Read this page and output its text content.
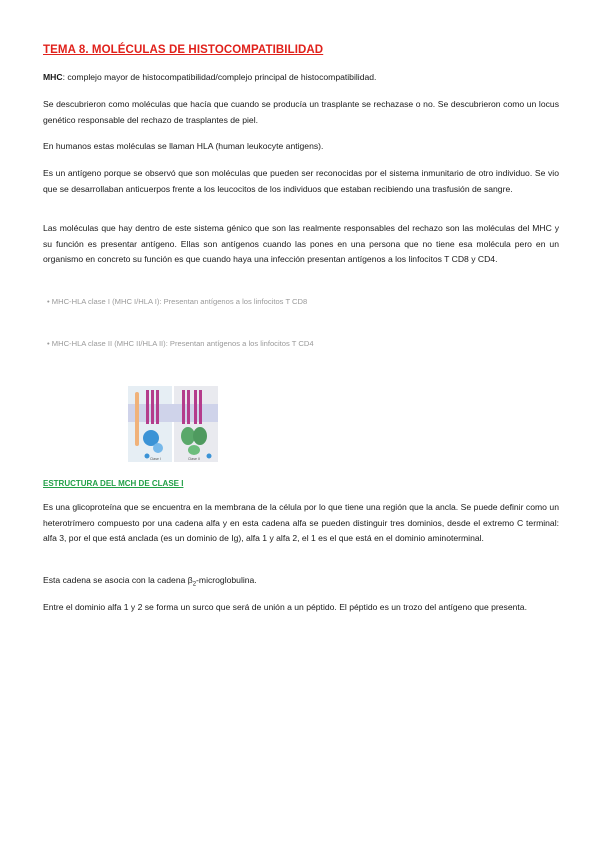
TEMA 8. MOLÉCULAS DE HISTOCOMPATIBILIDAD

MHC: complejo mayor de histocompatibilidad/complejo principal de histocompatibilidad.

Se descubrieron como moléculas que hacía que cuando se producía un trasplante se rechazase o no. Se descubrieron como un locus genético responsable del rechazo de trasplantes de piel.

En humanos estas moléculas se llaman HLA (human leukocyte antigens).

Es un antígeno porque se observó que son moléculas que pueden ser reconocidas por el sistema inmunitario de otro individuo. Se vio que se desarrollaban anticuerpos frente a los leucocitos de los individuos que estaban recibiendo una trasfusión de sangre.

Las moléculas que hay dentro de este sistema génico que son las realmente responsables del rechazo son las moléculas del MHC y su función es presentar antígeno. Ellas son antígenos cuando las pones en una persona que no tiene esa molécula pero en un organismo en concreto su función es que cuando haya una infección presentan antígenos a los linfocitos T CD8 y CD4.

• MHC-HLA clase I (MHC I/HLA I): Presentan antígenos a los linfocitos T CD8
• MHC-HLA clase II (MHC II/HLA II): Presentan antígenos a los linfocitos T CD4
Clase I	Clase II
ESTRUCTURA DEL MCH DE CLASE I

Es una glicoproteína que se encuentra en la membrana de la célula por lo que tiene una región que la ancla. Se puede definir como un heterotrímero compuesto por una cadena alfa y en esta cadena alfa se pueden distinguir tres dominios, desde el extremo C terminal: alfa 3, por el que está anclada (es un dominio de Ig), alfa 1 y alfa 2, el 1 es el que está en el dominio aminoterminal.

Esta cadena se asocia con la cadena $\beta_2$-microglobulina.

Entre el dominio alfa 1 y 2 se forma un surco que será de unión a un péptido. El péptido es un trozo del antígeno que presenta.
